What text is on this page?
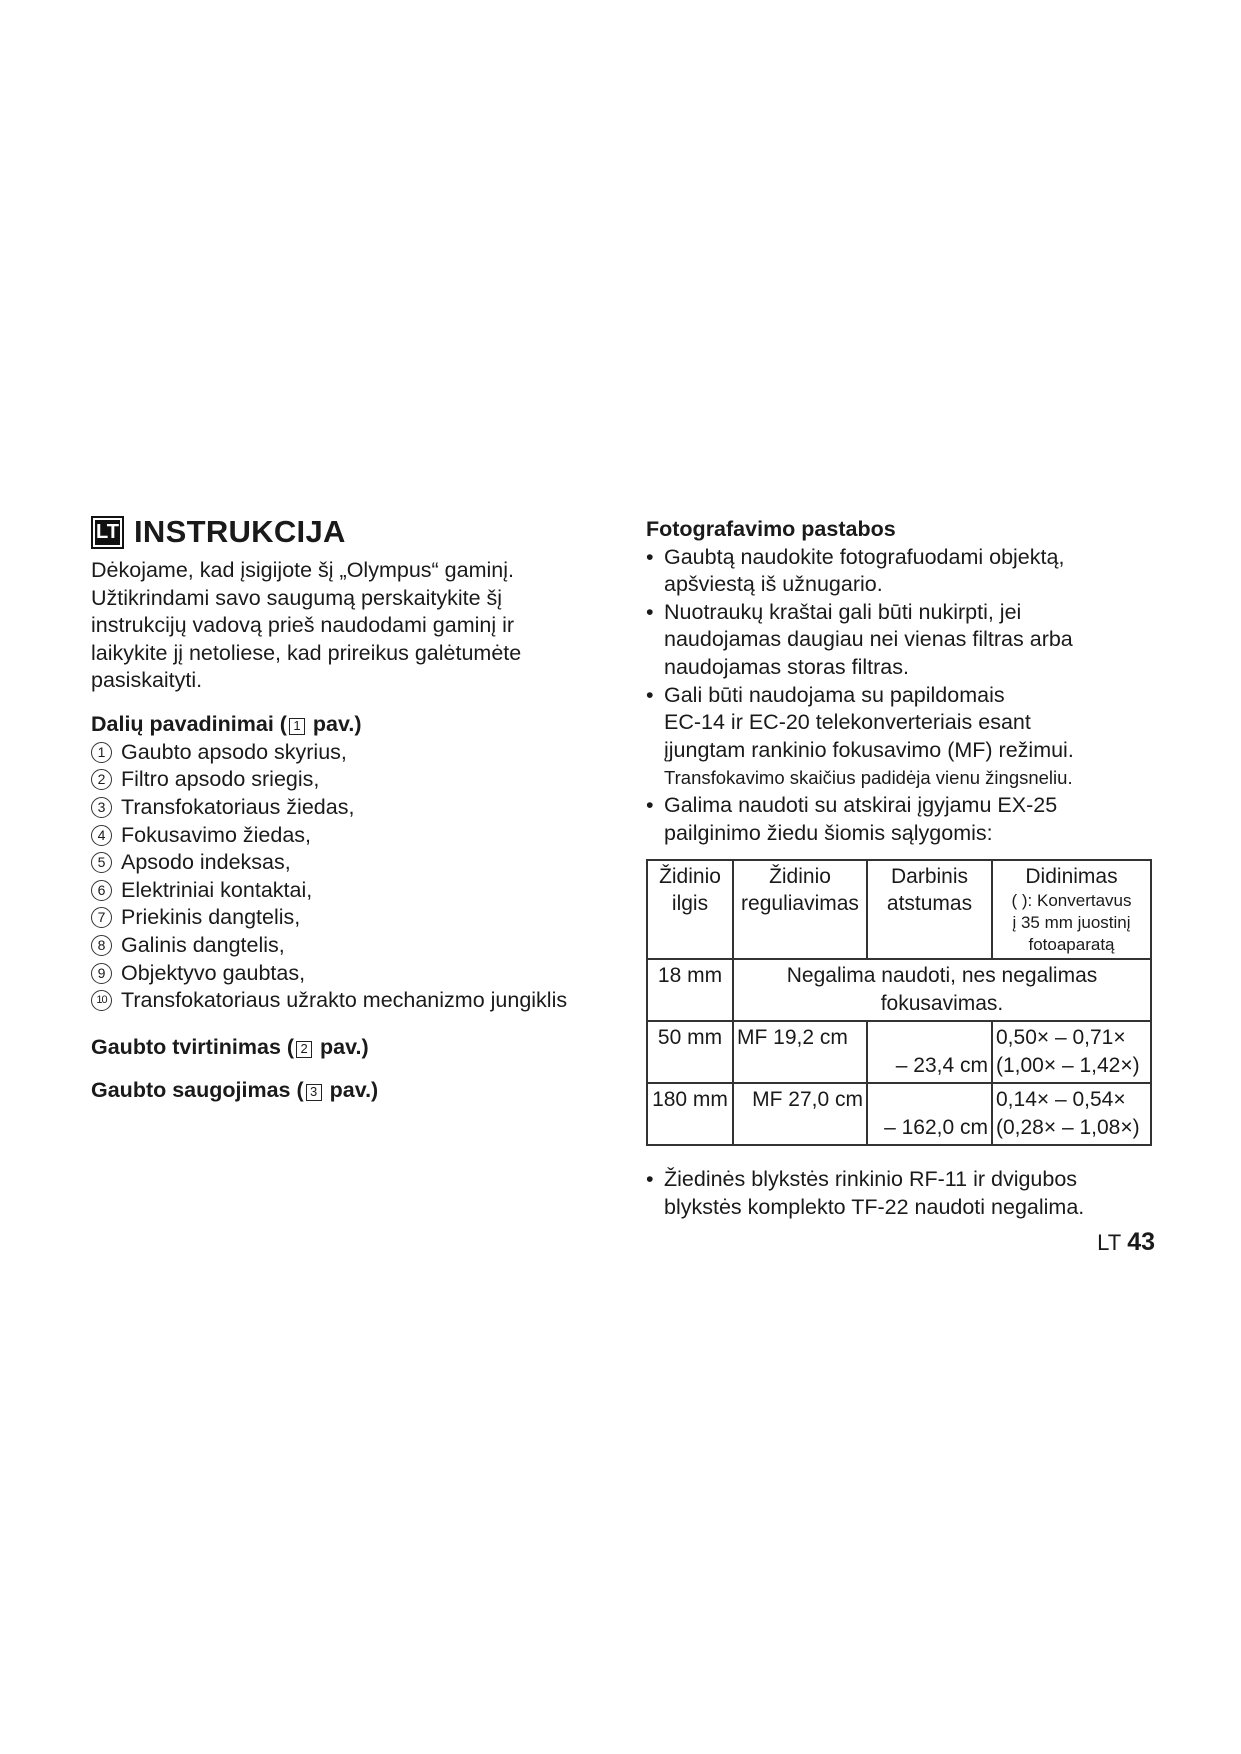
LT INSTRUKCIJA
Dėkojame, kad įsigijote šį „Olympus“ gaminį.
Užtikrindami savo saugumą perskaitykite šį
instrukcijų vadovą prieš naudodami gaminį ir
laikykite jį netoliese, kad prireikus galėtumėte
pasiskaityti.
Dalių pavadinimai ( 1 pav.)
1 Gaubto apsodo skyrius,
2 Filtro apsodo sriegis,
3 Transfokatoriaus žiedas,
4 Fokusavimo žiedas,
5 Apsodo indeksas,
6 Elektriniai kontaktai,
7 Priekinis dangtelis,
8 Galinis dangtelis,
9 Objektyvo gaubtas,
10 Transfokatoriaus užrakto mechanizmo jungiklis
Gaubto tvirtinimas ( 2 pav.)
Gaubto saugojimas ( 3 pav.)
Fotografavimo pastabos
• Gaubtą naudokite fotografuodami objektą,
apšviestą iš užnugario.
• Nuotraukų kraštai gali būti nukirpti, jei
naudojamas daugiau nei vienas filtras arba
naudojamas storas filtras.
• Gali būti naudojama su papildomais
EC-14 ir EC-20 telekonverteriais esant
įjungtam rankinio fokusavimo (MF) režimui.
Transfokavimo skaičius padidėja vienu žingsneliu.
• Galima naudoti su atskirai įgyjamu EX-25
pailginimo žiedu šiomis sąlygomis:
Židinio
ilgis	Židinio
reguliavimas	Darbinis
atstumas	Didinimas
( ): Konvertavus
į 35 mm juostinį
fotoaparatą

18 mm	Negalima naudoti, nes negalimas
fokusavimas.		
50 mm	MF 19,2 cm	– 23,4 cm	0,50× – 0,71×
(1,00× – 1,42×)
180 mm	MF 27,0 cm	– 162,0 cm	0,14× – 0,54×
(0,28× – 1,08×)
• Žiedinės blykstės rinkinio RF-11 ir dvigubos
blykstės komplekto TF-22 naudoti negalima.
LT 43
